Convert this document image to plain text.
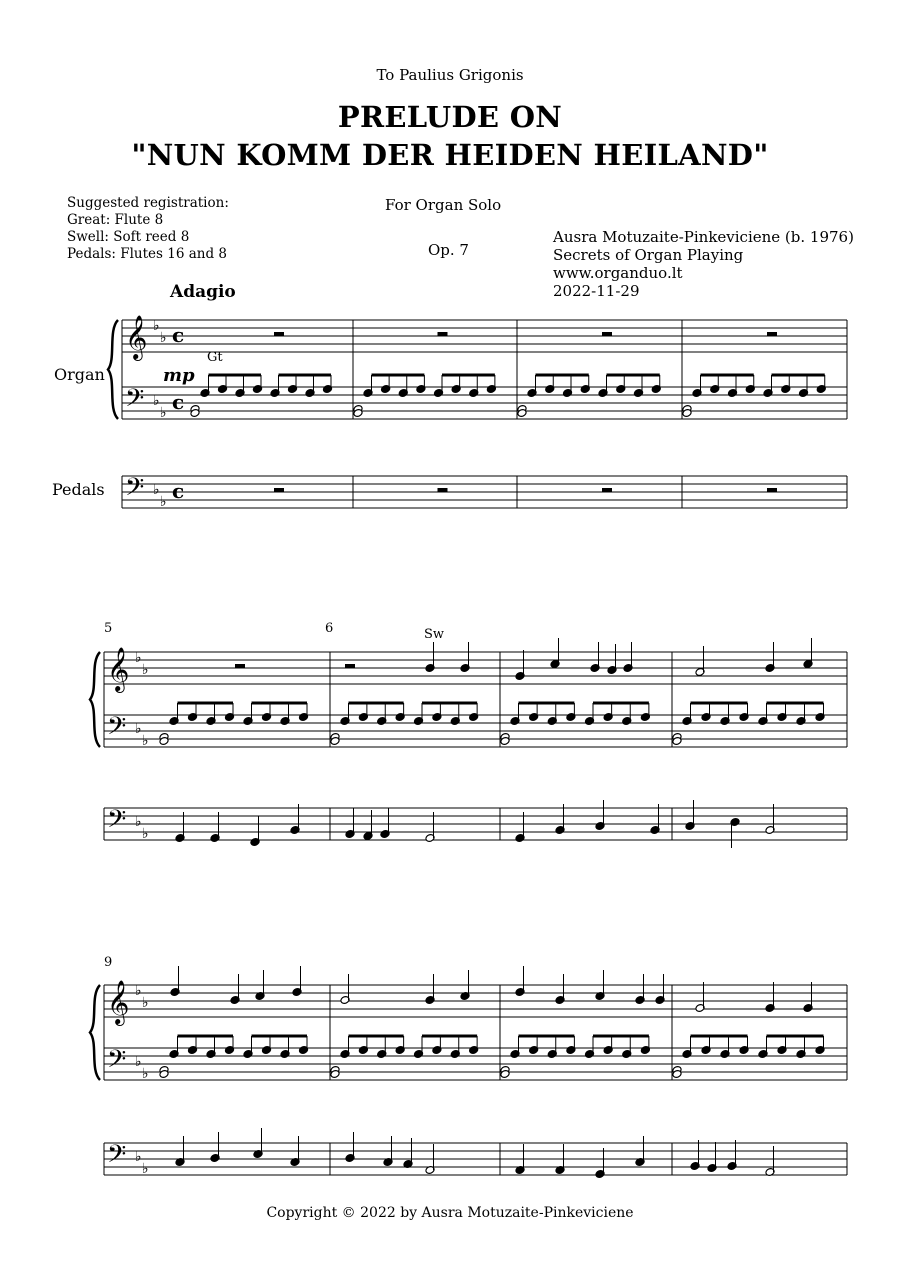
To Paulius Grigonis
PRELUDE ON
"NUN KOMM DER HEIDEN HEILAND"
Suggested registration:
Great: Flute 8
Swell: Soft reed 8
Pedals: Flutes 16 and 8
For Organ Solo
Op. 7
Ausra Motuzaite-Pinkeviciene (b. 1976)
Secrets of Organ Playing
www.organduo.lt
2022-11-29
𝄞
𝄢
𝄢
♭
♭
♭
♭
♭
♭
c
c
c
𝄞
𝄢
𝄢
♭
♭
♭
♭
♭
♭
𝄞
𝄢
𝄢
♭
♭
♭
♭
♭
♭
Adagio
Organ
Pedals
mp
Gt
Sw
5	6
9
Copyright © 2022 by Ausra Motuzaite-Pinkeviciene
